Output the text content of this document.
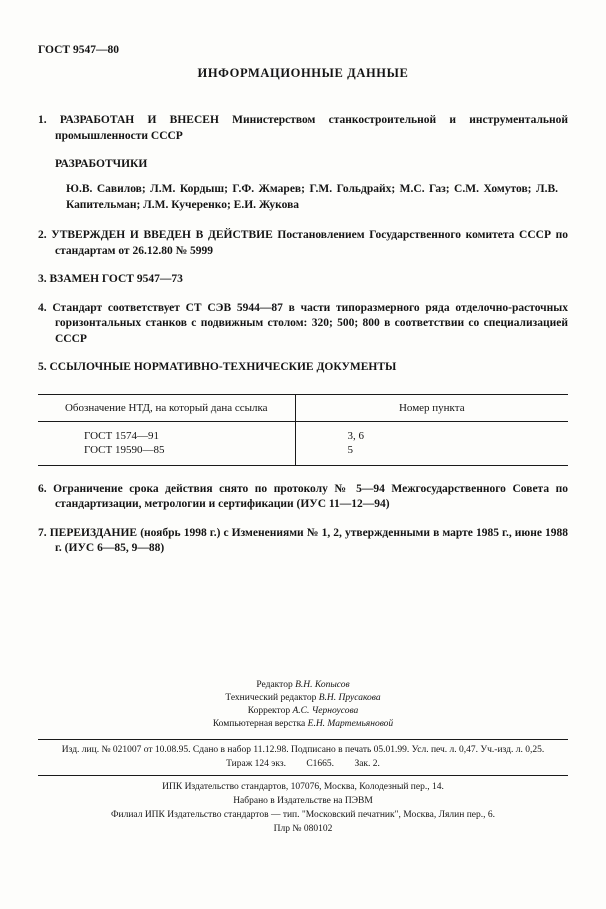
ГОСТ 9547—80
ИНФОРМАЦИОННЫЕ ДАННЫЕ
1. РАЗРАБОТАН И ВНЕСЕН Министерством станкостроительной и инструментальной промышленности СССР
РАЗРАБОТЧИКИ
Ю.В. Савилов; Л.М. Кордыш; Г.Ф. Жмарев; Г.М. Гольдрайх; М.С. Газ; С.М. Хомутов; Л.В. Капительман; Л.М. Кучеренко; Е.И. Жукова
2. УТВЕРЖДЕН И ВВЕДЕН В ДЕЙСТВИЕ Постановлением Государственного комитета СССР по стандартам от 26.12.80 № 5999
3. ВЗАМЕН ГОСТ 9547—73
4. Стандарт соответствует СТ СЭВ 5944—87 в части типоразмерного ряда отделочно-расточных горизонтальных станков с подвижным столом: 320; 500; 800 в соответствии со специализацией СССР
5. ССЫЛОЧНЫЕ НОРМАТИВНО-ТЕХНИЧЕСКИЕ ДОКУМЕНТЫ
Обозначение НТД, на который дана ссылка	Номер пункта
ГОСТ 1574—91	3, 6
ГОСТ 19590—85	5
6. Ограничение срока действия снято по протоколу № 5—94 Межгосударственного Совета по стандартизации, метрологии и сертификации (ИУС 11—12—94)
7. ПЕРЕИЗДАНИЕ (ноябрь 1998 г.) с Изменениями № 1, 2, утвержденными в марте 1985 г., июне 1988 г. (ИУС 6—85, 9—88)
Редактор В.Н. Копысов
Технический редактор В.Н. Прусакова
Корректор А.С. Черноусова
Компьютерная верстка Е.Н. Мартемьяновой
Изд. лиц. № 021007 от 10.08.95. Сдано в набор 11.12.98. Подписано в печать 05.01.99. Усл. печ. л. 0,47. Уч.-изд. л. 0,25.
Тираж 124 экз. С1665. Зак. 2.
ИПК Издательство стандартов, 107076, Москва, Колодезный пер., 14.
Набрано в Издательстве на ПЭВМ
Филиал ИПК Издательство стандартов — тип. "Московский печатник", Москва, Лялин пер., 6.
Плр № 080102
